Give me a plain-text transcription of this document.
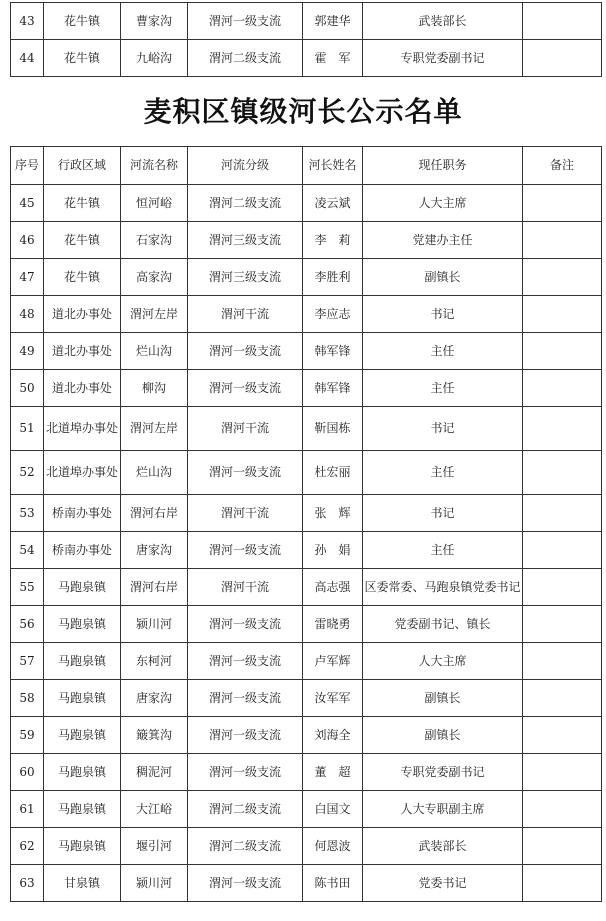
43	花牛镇	曹家沟	渭河一级支流	郭建华	武装部长	
44	花牛镇	九峪沟	渭河二级支流	霍　军	专职党委副书记	
麦积区镇级河长公示名单
序号	行政区域	河流名称	河流分级	河长姓名	现任职务	备注
45	花牛镇	恒河峪	渭河二级支流	凌云斌	人大主席	
46	花牛镇	石家沟	渭河三级支流	李　莉	党建办主任	
47	花牛镇	高家沟	渭河三级支流	李胜利	副镇长	
48	道北办事处	渭河左岸	渭河干流	李应志	书记	
49	道北办事处	烂山沟	渭河一级支流	韩军锋	主任	
50	道北办事处	柳沟	渭河一级支流	韩军锋	主任	
51	北道埠办事处	渭河左岸	渭河干流	靳国栋	书记	
52	北道埠办事处	烂山沟	渭河一级支流	杜宏丽	主任	
53	桥南办事处	渭河右岸	渭河干流	张　辉	书记	
54	桥南办事处	唐家沟	渭河一级支流	孙　娟	主任	
55	马跑泉镇	渭河右岸	渭河干流	高志强	区委常委、马跑泉镇党委书记	
56	马跑泉镇	颍川河	渭河一级支流	雷晓勇	党委副书记、镇长	
57	马跑泉镇	东柯河	渭河一级支流	卢军辉	人大主席	
58	马跑泉镇	唐家沟	渭河一级支流	汝军军	副镇长	
59	马跑泉镇	簸箕沟	渭河一级支流	刘海全	副镇长	
60	马跑泉镇	稠泥河	渭河一级支流	董　超	专职党委副书记	
61	马跑泉镇	大江峪	渭河二级支流	白国文	人大专职副主席	
62	马跑泉镇	堰引河	渭河二级支流	何恩波	武装部长	
63	甘泉镇	颍川河	渭河一级支流	陈书田	党委书记	
